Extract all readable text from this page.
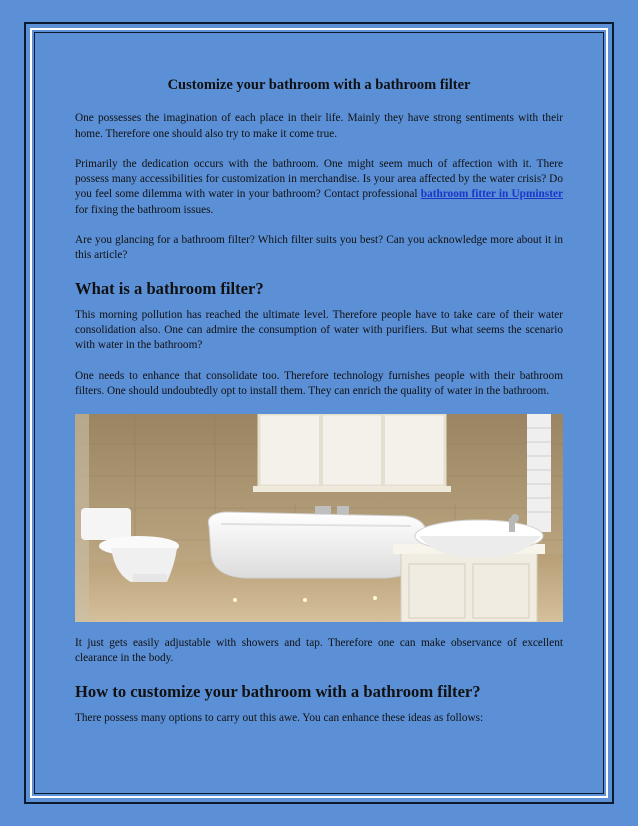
Customize your bathroom with a bathroom filter

One possesses the imagination of each place in their life. Mainly they have strong sentiments with their home. Therefore one should also try to make it come true.

Primarily the dedication occurs with the bathroom. One might seem much of affection with it. There possess many accessibilities for customization in merchandise. Is your area affected by the water crisis? Do you feel some dilemma with water in your bathroom? Contact professional bathroom fitter in Upminster for fixing the bathroom issues.

Are you glancing for a bathroom filter? Which filter suits you best? Can you acknowledge more about it in this article?

What is a bathroom filter?

This morning pollution has reached the ultimate level. Therefore people have to take care of their water consolidation also. One can admire the consumption of water with purifiers. But what seems the scenario with water in the bathroom?

One needs to enhance that consolidate too. Therefore technology furnishes people with their bathroom filters. One should undoubtedly opt to install them. They can enrich the quality of water in the bathroom.

It just gets easily adjustable with showers and tap. Therefore one can make observance of excellent clearance in the body.

How to customize your bathroom with a bathroom filter?

There possess many options to carry out this awe. You can enhance these ideas as follows:
